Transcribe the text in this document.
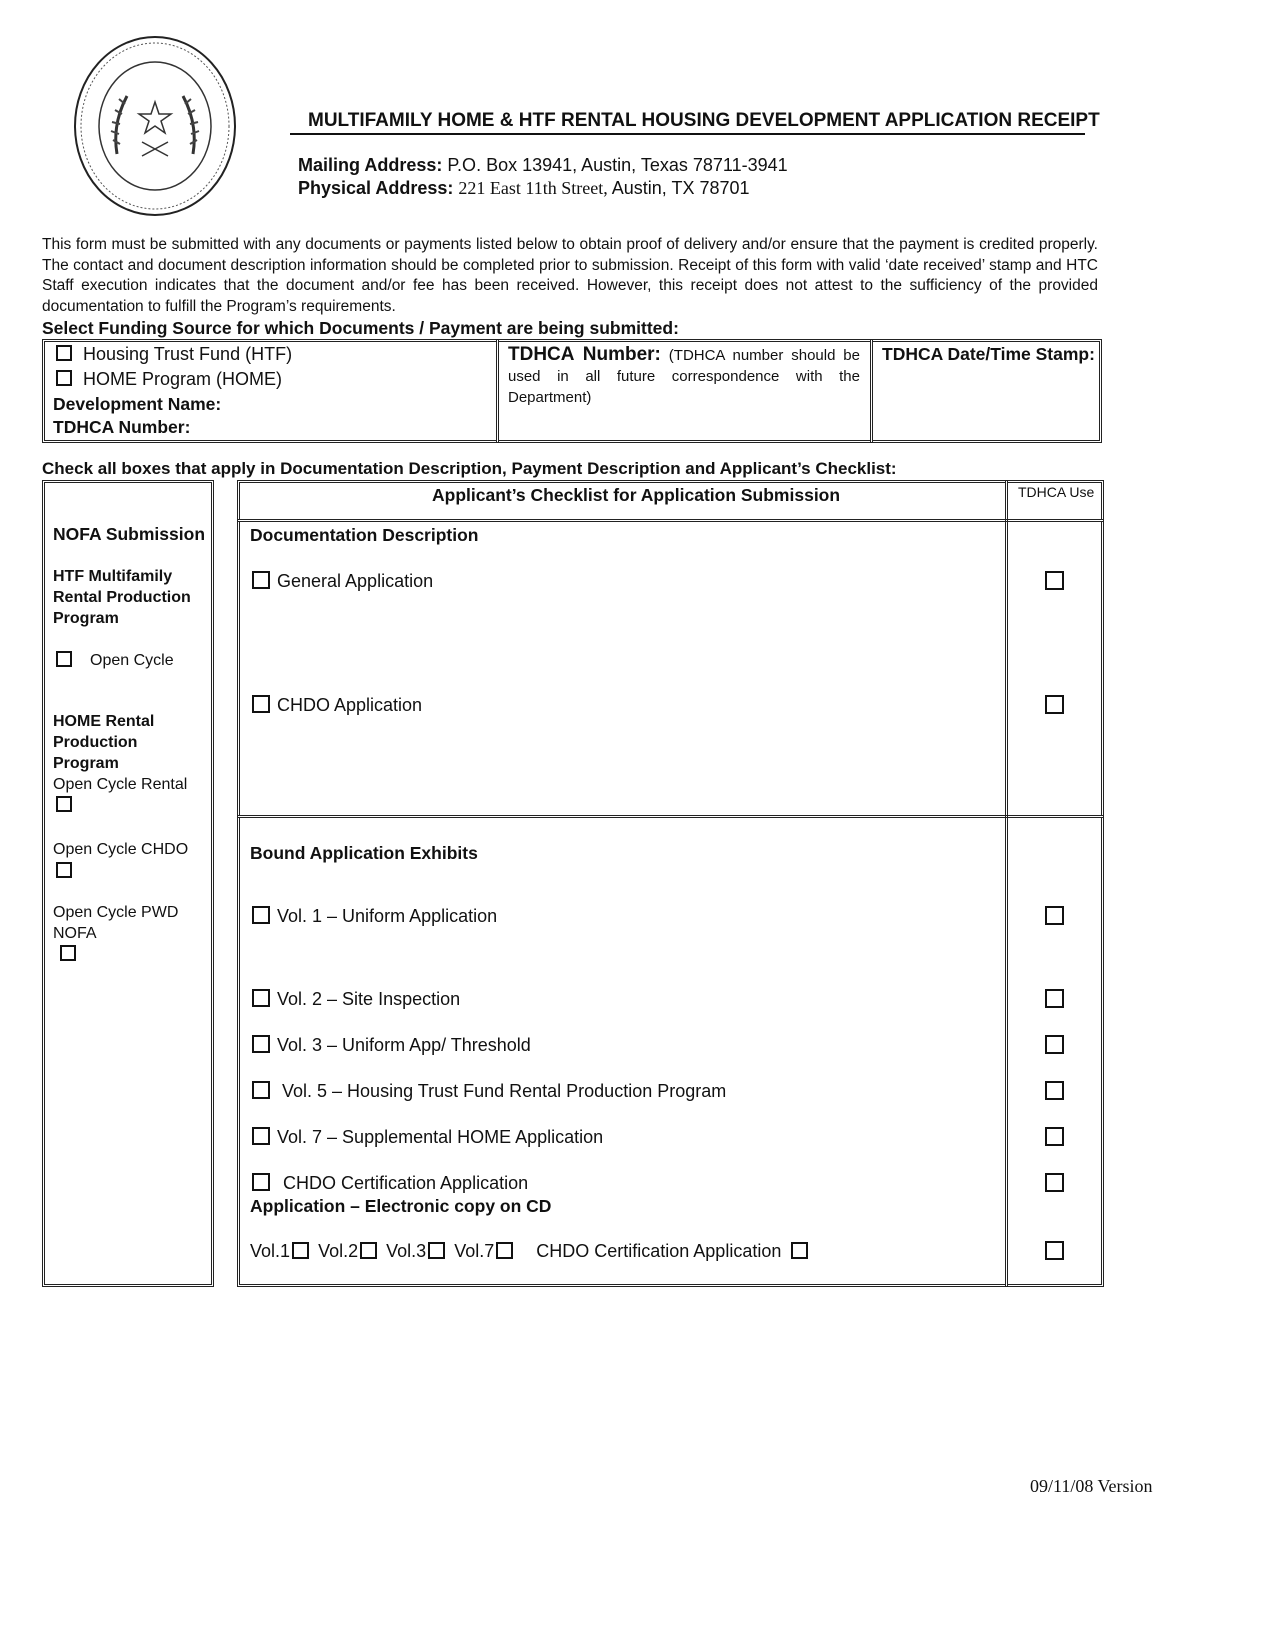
MULTIFAMILY HOME & HTF RENTAL HOUSING DEVELOPMENT APPLICATION RECEIPT
Mailing Address: P.O. Box 13941, Austin, Texas 78711-3941
Physical Address: 221 East 11th Street, Austin, TX 78701
This form must be submitted with any documents or payments listed below to obtain proof of delivery and/or ensure that the payment is credited properly. The contact and document description information should be completed prior to submission. Receipt of this form with valid ‘date received’ stamp and HTC Staff execution indicates that the document and/or fee has been received. However, this receipt does not attest to the sufficiency of the provided documentation to fulfill the Program’s requirements.
Select Funding Source for which Documents / Payment are being submitted:
Housing Trust Fund (HTF)
HOME Program (HOME)
Development Name:
TDHCA Number:
TDHCA Number: (TDHCA number should be used in all future correspondence with the Department)
TDHCA Date/Time Stamp:
Check all boxes that apply in Documentation Description, Payment Description and Applicant’s Checklist:
NOFA Submission
HTF Multifamily Rental Production Program
Open Cycle
HOME Rental Production Program
Open Cycle Rental
Open Cycle CHDO
Open Cycle PWD NOFA
Applicant’s Checklist for Application Submission	TDHCA Use
Documentation Description
General Application
CHDO Application
Bound Application Exhibits
Vol. 1 – Uniform Application
Vol. 2 – Site Inspection
Vol. 3 – Uniform App/ Threshold
Vol. 5 – Housing Trust Fund Rental Production Program
Vol. 7 – Supplemental HOME Application
CHDO Certification Application
Application – Electronic copy on CD
Vol.1 Vol.2 Vol.3 Vol.7 CHDO Certification Application
09/11/08 Version
